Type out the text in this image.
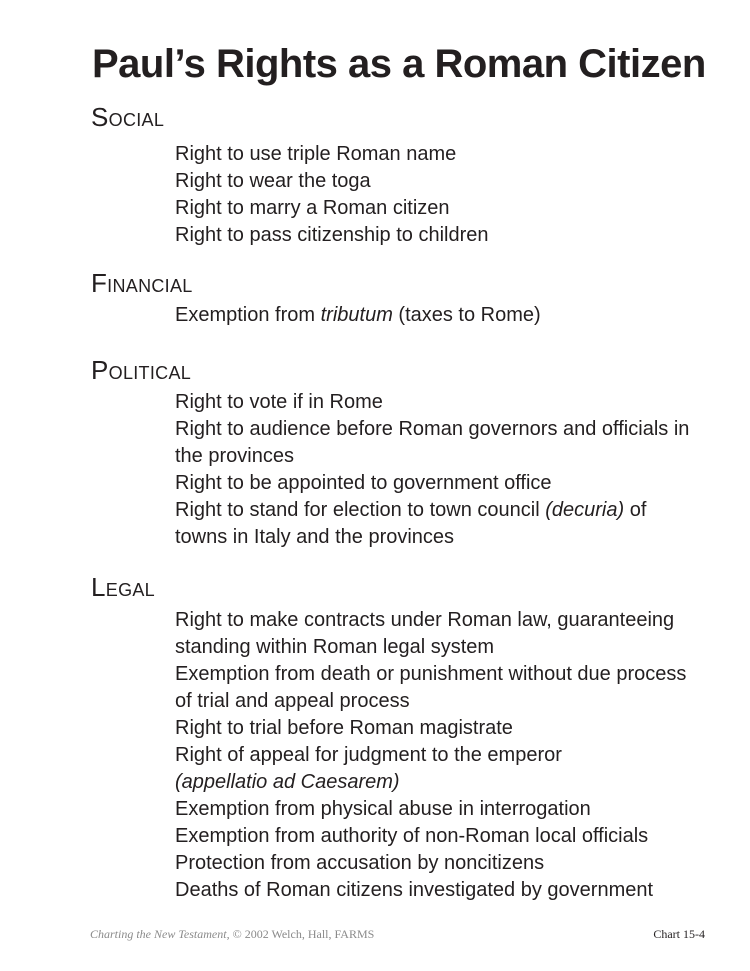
Paul’s Rights as a Roman Citizen
Social
Right to use triple Roman name
Right to wear the toga
Right to marry a Roman citizen
Right to pass citizenship to children
Financial
Exemption from tributum (taxes to Rome)
Political
Right to vote if in Rome
Right to audience before Roman governors and officials in
the provinces
Right to be appointed to government office
Right to stand for election to town council (decuria) of
towns in Italy and the provinces
Legal
Right to make contracts under Roman law, guaranteeing
standing within Roman legal system
Exemption from death or punishment without due process
of trial and appeal process
Right to trial before Roman magistrate
Right of appeal for judgment to the emperor
(appellatio ad Caesarem)
Exemption from physical abuse in interrogation
Exemption from authority of non-Roman local officials
Protection from accusation by noncitizens
Deaths of Roman citizens investigated by government
Charting the New Testament, © 2002 Welch, Hall, FARMS	Chart 15-4
